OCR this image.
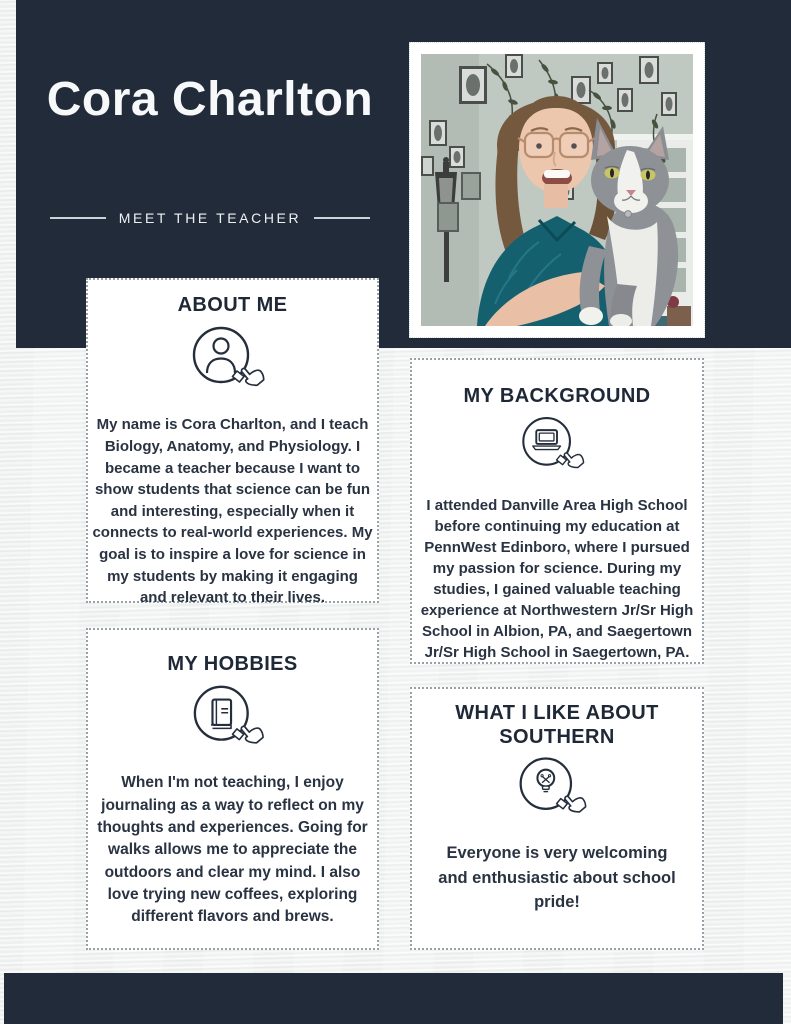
Cora Charlton
MEET THE TEACHER
ABOUT ME

My name is Cora Charlton, and I teach Biology, Anatomy, and Physiology. I became a teacher because I want to show students that science can be fun and interesting, especially when it connects to real-world experiences. My goal is to inspire a love for science in my students by making it engaging and relevant to their lives.

MY BACKGROUND

I attended Danville Area High School before continuing my education at PennWest Edinboro, where I pursued my passion for science. During my studies, I gained valuable teaching experience at Northwestern Jr/Sr High School in Albion, PA, and Saegertown Jr/Sr High School in Saegertown, PA.

MY HOBBIES

When I'm not teaching, I enjoy journaling as a way to reflect on my thoughts and experiences. Going for walks allows me to appreciate the outdoors and clear my mind. I also love trying new coffees, exploring different flavors and brews.

WHAT I LIKE ABOUT SOUTHERN

Everyone is very welcoming and enthusiastic about school pride!
